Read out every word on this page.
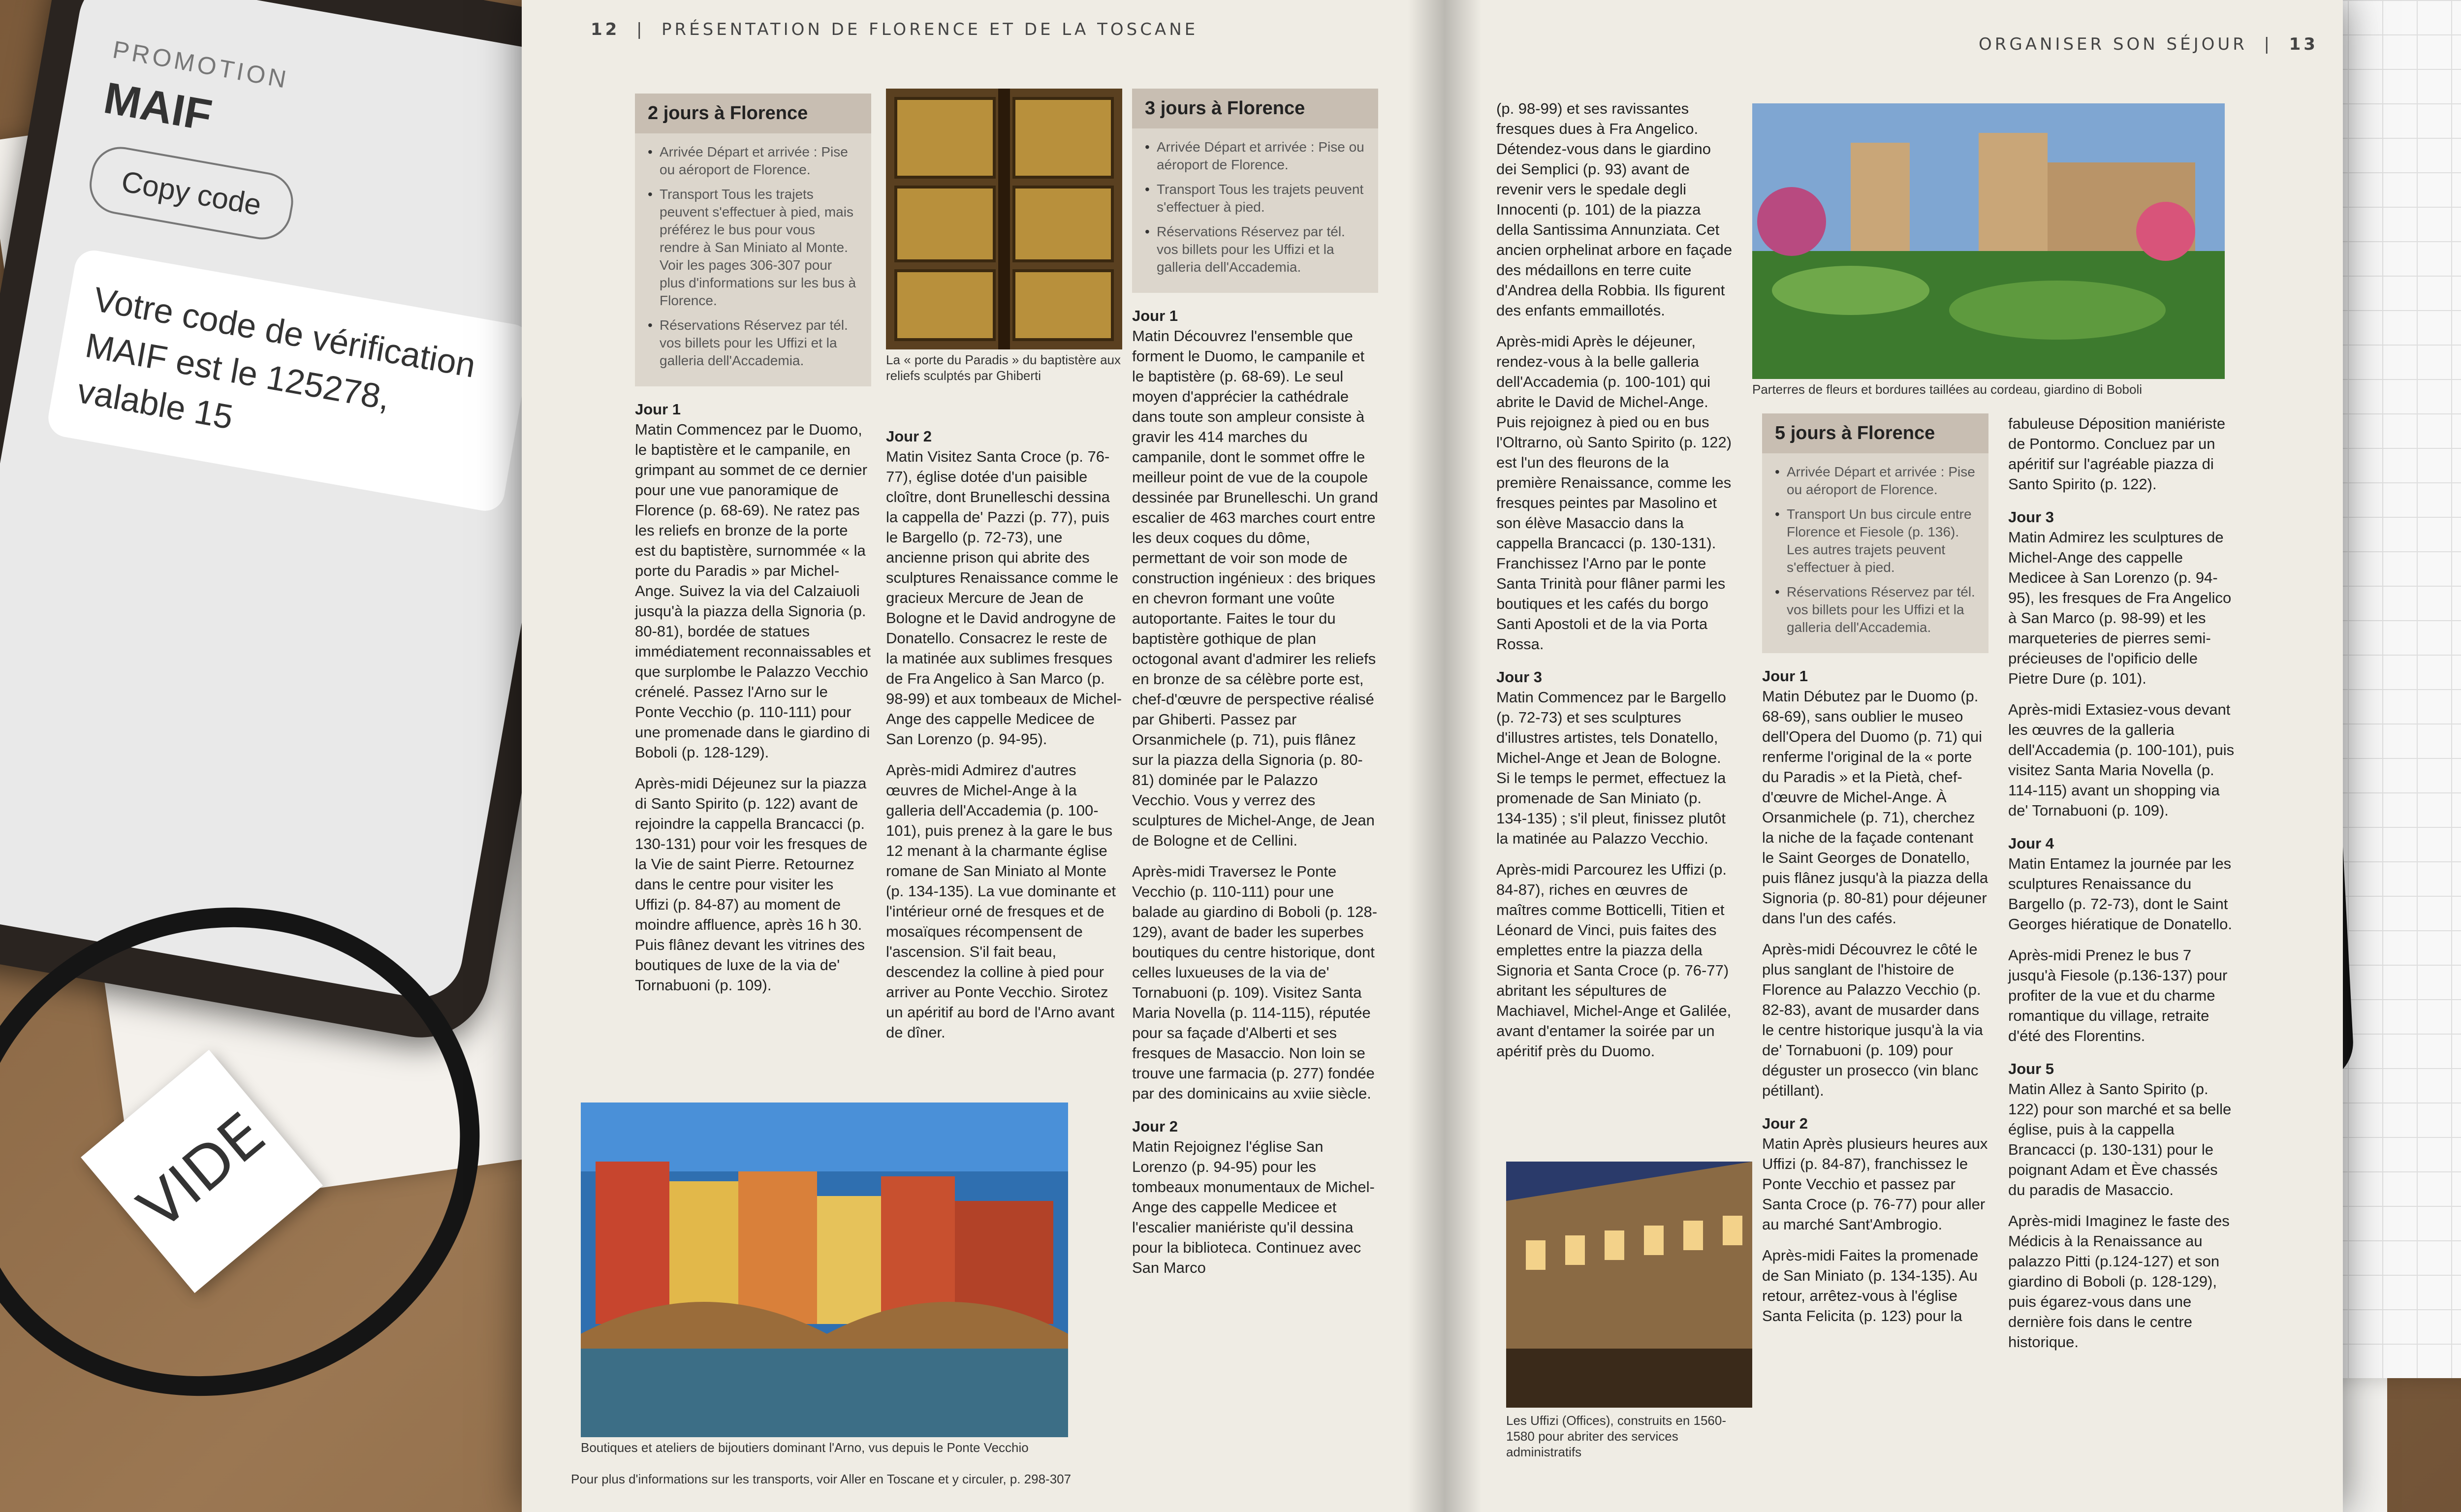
PROMOTION
MAIF
Copy code
Votre code de vérification MAIF est le 125278, valable 15
VIDE
12  |  PRÉSENTATION DE FLORENCE ET DE LA TOSCANE
2 jours à Florence
• Arrivée Départ et arrivée : Pise ou aéroport de Florence.
• Transport Tous les trajets peuvent s'effectuer à pied, mais préférez le bus pour vous rendre à San Miniato al Monte. Voir les pages 306-307 pour plus d'informations sur les bus à Florence.
• Réservations Réservez par tél. vos billets pour les Uffizi et la galleria dell'Accademia.
Jour 1
Matin Commencez par le Duomo, le baptistère et le campanile, en grimpant au sommet de ce dernier pour une vue panoramique de Florence (p. 68-69). Ne ratez pas les reliefs en bronze de la porte est du baptistère, surnommée « la porte du Paradis » par Michel-Ange. Suivez la via del Calzaiuoli jusqu'à la piazza della Signoria (p. 80-81), bordée de statues immédiatement reconnaissables et que surplombe le Palazzo Vecchio crénelé. Passez l'Arno sur le Ponte Vecchio (p. 110-111) pour une promenade dans le giardino di Boboli (p. 128-129).
Après-midi Déjeunez sur la piazza di Santo Spirito (p. 122) avant de rejoindre la cappella Brancacci (p. 130-131) pour voir les fresques de la Vie de saint Pierre. Retournez dans le centre pour visiter les Uffizi (p. 84-87) au moment de moindre affluence, après 16 h 30. Puis flânez devant les vitrines des boutiques de luxe de la via de' Tornabuoni (p. 109).
La « porte du Paradis » du baptistère aux reliefs sculptés par Ghiberti
Jour 2
Matin Visitez Santa Croce (p. 76-77), église dotée d'un paisible cloître, dont Brunelleschi dessina la cappella de' Pazzi (p. 77), puis le Bargello (p. 72-73), une ancienne prison qui abrite des sculptures Renaissance comme le gracieux Mercure de Jean de Bologne et le David androgyne de Donatello. Consacrez le reste de la matinée aux sublimes fresques de Fra Angelico à San Marco (p. 98-99) et aux tombeaux de Michel-Ange des cappelle Medicee de San Lorenzo (p. 94-95).
Après-midi Admirez d'autres œuvres de Michel-Ange à la galleria dell'Accademia (p. 100-101), puis prenez à la gare le bus 12 menant à la charmante église romane de San Miniato al Monte (p. 134-135). La vue dominante et l'intérieur orné de fresques et de mosaïques récompensent de l'ascension. S'il fait beau, descendez la colline à pied pour arriver au Ponte Vecchio. Sirotez un apéritif au bord de l'Arno avant de dîner.
3 jours à Florence
• Arrivée Départ et arrivée : Pise ou aéroport de Florence.
• Transport Tous les trajets peuvent s'effectuer à pied.
• Réservations Réservez par tél. vos billets pour les Uffizi et la galleria dell'Accademia.
Jour 1
Matin Découvrez l'ensemble que forment le Duomo, le campanile et le baptistère (p. 68-69). Le seul moyen d'apprécier la cathédrale dans toute son ampleur consiste à gravir les 414 marches du campanile, dont le sommet offre le meilleur point de vue de la coupole dessinée par Brunelleschi. Un grand escalier de 463 marches court entre les deux coques du dôme, permettant de voir son mode de construction ingénieux : des briques en chevron formant une voûte autoportante. Faites le tour du baptistère gothique de plan octogonal avant d'admirer les reliefs en bronze de sa célèbre porte est, chef-d'œuvre de perspective réalisé par Ghiberti. Passez par Orsanmichele (p. 71), puis flânez sur la piazza della Signoria (p. 80-81) dominée par le Palazzo Vecchio. Vous y verrez des sculptures de Michel-Ange, de Jean de Bologne et de Cellini.
Après-midi Traversez le Ponte Vecchio (p. 110-111) pour une balade au giardino di Boboli (p. 128-129), avant de bader les superbes boutiques du centre historique, dont celles luxueuses de la via de' Tornabuoni (p. 109). Visitez Santa Maria Novella (p. 114-115), réputée pour sa façade d'Alberti et ses fresques de Masaccio. Non loin se trouve une farmacia (p. 277) fondée par des dominicains au xviie siècle.
Jour 2
Matin Rejoignez l'église San Lorenzo (p. 94-95) pour les tombeaux monumentaux de Michel-Ange des cappelle Medicee et l'escalier maniériste qu'il dessina pour la biblioteca. Continuez avec San Marco
Boutiques et ateliers de bijoutiers dominant l'Arno, vus depuis le Ponte Vecchio
Pour plus d'informations sur les transports, voir Aller en Toscane et y circuler, p. 298-307
ORGANISER SON SÉJOUR  |  13
(p. 98-99) et ses ravissantes fresques dues à Fra Angelico. Détendez-vous dans le giardino dei Semplici (p. 93) avant de revenir vers le spedale degli Innocenti (p. 101) de la piazza della Santissima Annunziata. Cet ancien orphelinat arbore en façade des médaillons en terre cuite d'Andrea della Robbia. Ils figurent des enfants emmaillotés.
Après-midi Après le déjeuner, rendez-vous à la belle galleria dell'Accademia (p. 100-101) qui abrite le David de Michel-Ange. Puis rejoignez à pied ou en bus l'Oltrarno, où Santo Spirito (p. 122) est l'un des fleurons de la première Renaissance, comme les fresques peintes par Masolino et son élève Masaccio dans la cappella Brancacci (p. 130-131). Franchissez l'Arno par le ponte Santa Trinità pour flâner parmi les boutiques et les cafés du borgo Santi Apostoli et de la via Porta Rossa.
Jour 3
Matin Commencez par le Bargello (p. 72-73) et ses sculptures d'illustres artistes, tels Donatello, Michel-Ange et Jean de Bologne. Si le temps le permet, effectuez la promenade de San Miniato (p. 134-135) ; s'il pleut, finissez plutôt la matinée au Palazzo Vecchio.
Après-midi Parcourez les Uffizi (p. 84-87), riches en œuvres de maîtres comme Botticelli, Titien et Léonard de Vinci, puis faites des emplettes entre la piazza della Signoria et Santa Croce (p. 76-77) abritant les sépultures de Machiavel, Michel-Ange et Galilée, avant d'entamer la soirée par un apéritif près du Duomo.
Parterres de fleurs et bordures taillées au cordeau, giardino di Boboli
5 jours à Florence
• Arrivée Départ et arrivée : Pise ou aéroport de Florence.
• Transport Un bus circule entre Florence et Fiesole (p. 136). Les autres trajets peuvent s'effectuer à pied.
• Réservations Réservez par tél. vos billets pour les Uffizi et la galleria dell'Accademia.
Jour 1
Matin Débutez par le Duomo (p. 68-69), sans oublier le museo dell'Opera del Duomo (p. 71) qui renferme l'original de la « porte du Paradis » et la Pietà, chef-d'œuvre de Michel-Ange. À Orsanmichele (p. 71), cherchez la niche de la façade contenant le Saint Georges de Donatello, puis flânez jusqu'à la piazza della Signoria (p. 80-81) pour déjeuner dans l'un des cafés.
Après-midi Découvrez le côté le plus sanglant de l'histoire de Florence au Palazzo Vecchio (p. 82-83), avant de musarder dans le centre historique jusqu'à la via de' Tornabuoni (p. 109) pour déguster un prosecco (vin blanc pétillant).
Jour 2
Matin Après plusieurs heures aux Uffizi (p. 84-87), franchissez le Ponte Vecchio et passez par Santa Croce (p. 76-77) pour aller au marché Sant'Ambrogio.
Après-midi Faites la promenade de San Miniato (p. 134-135). Au retour, arrêtez-vous à l'église Santa Felicita (p. 123) pour la
Les Uffizi (Offices), construits en 1560-1580 pour abriter des services administratifs
fabuleuse Déposition maniériste de Pontormo. Concluez par un apéritif sur l'agréable piazza di Santo Spirito (p. 122).
Jour 3
Matin Admirez les sculptures de Michel-Ange des cappelle Medicee à San Lorenzo (p. 94-95), les fresques de Fra Angelico à San Marco (p. 98-99) et les marqueteries de pierres semi-précieuses de l'opificio delle Pietre Dure (p. 101).
Après-midi Extasiez-vous devant les œuvres de la galleria dell'Accademia (p. 100-101), puis visitez Santa Maria Novella (p. 114-115) avant un shopping via de' Tornabuoni (p. 109).
Jour 4
Matin Entamez la journée par les sculptures Renaissance du Bargello (p. 72-73), dont le Saint Georges hiératique de Donatello.
Après-midi Prenez le bus 7 jusqu'à Fiesole (p.136-137) pour profiter de la vue et du charme romantique du village, retraite d'été des Florentins.
Jour 5
Matin Allez à Santo Spirito (p. 122) pour son marché et sa belle église, puis à la cappella Brancacci (p. 130-131) pour le poignant Adam et Ève chassés du paradis de Masaccio.
Après-midi Imaginez le faste des Médicis à la Renaissance au palazzo Pitti (p.124-127) et son giardino di Boboli (p. 128-129), puis égarez-vous dans une dernière fois dans le centre historique.
